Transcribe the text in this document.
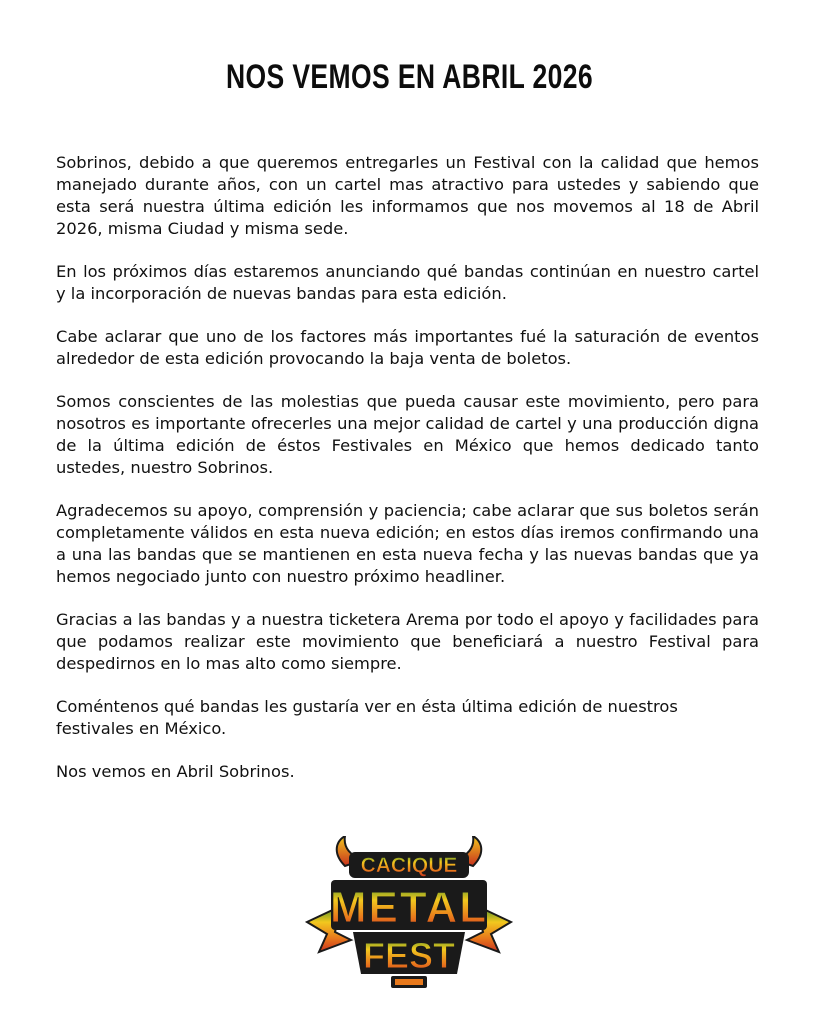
NOS VEMOS EN ABRIL 2026

Sobrinos, debido a que queremos entregarles un Festival con la calidad que hemos manejado durante años, con un cartel mas atractivo para ustedes y sabiendo que esta será nuestra última edición les informamos que nos movemos al 18 de Abril 2026, misma Ciudad y misma sede.

En los próximos días estaremos anunciando qué bandas continúan en nuestro cartel y la incorporación de nuevas bandas para esta edición.

Cabe aclarar que uno de los factores más importantes fué la saturación de eventos alrededor de esta edición provocando la baja venta de boletos.

Somos conscientes de las molestias que pueda causar este movimiento, pero para nosotros es importante ofrecerles una mejor calidad de cartel y una producción digna de la última edición de éstos Festivales en México que hemos dedicado tanto ustedes, nuestro Sobrinos.

Agradecemos su apoyo, comprensión y paciencia; cabe aclarar que sus boletos serán completamente válidos en esta nueva edición; en estos días iremos confirmando una a una las bandas que se mantienen en esta nueva fecha y las nuevas bandas que ya hemos negociado junto con nuestro próximo headliner.

Gracias a las bandas y a nuestra ticketera Arema por todo el apoyo y facilidades para que podamos realizar este movimiento que beneficiará a nuestro Festival para despedirnos en lo mas alto como siempre.

Coméntenos qué bandas les gustaría ver en ésta última edición de nuestros festivales en México.

Nos vemos en Abril Sobrinos.

CACIQUE
METAL
FEST
